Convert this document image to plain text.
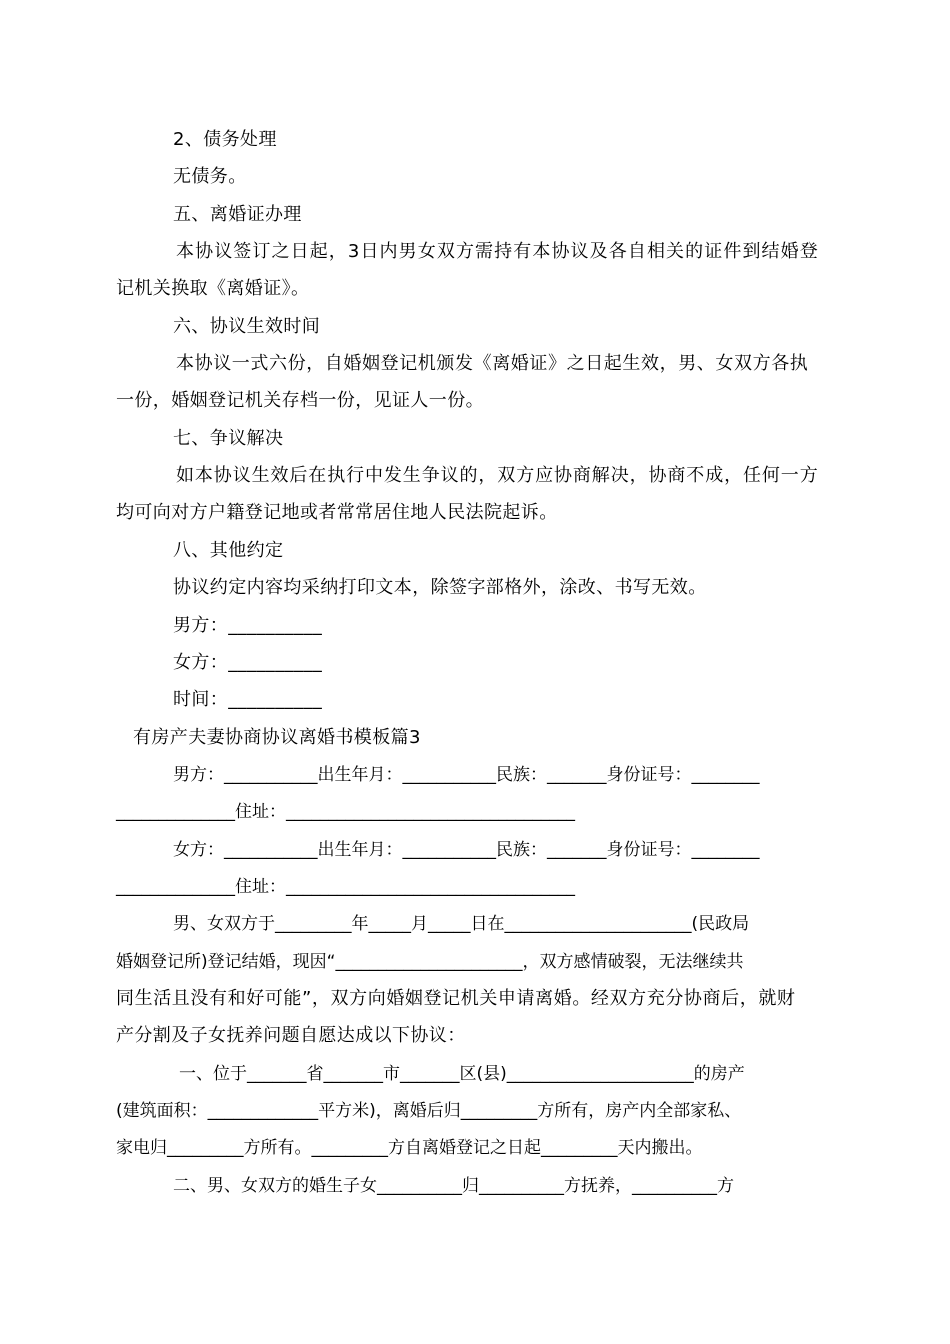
2、债务处理
无债务。
五、离婚证办理
本协议签订之日起，3日内男女双方需持有本协议及各自相关的证件到结婚登
记机关换取《离婚证》。
六、协议生效时间
本协议一式六份，自婚姻登记机颁发《离婚证》之日起生效，男、女双方各执
一份，婚姻登记机关存档一份，见证人一份。
七、争议解决
如本协议生效后在执行中发生争议的，双方应协商解决，协商不成，任何一方
均可向对方户籍登记地或者常常居住地人民法院起诉。
八、其他约定
协议约定内容均采纳打印文本，除签字部格外，涂改、书写无效。
男方：__________
女方：__________
时间：__________
有房产夫妻协商协议离婚书模板篇3
男方：___________出生年月：___________民族：_______身份证号：________
______________住址：__________________________________
女方：___________出生年月：___________民族：_______身份证号：________
______________住址：__________________________________
男、女双方于_________年_____月_____日在______________________(民政局
婚姻登记所)登记结婚，现因“______________________，双方感情破裂，无法继续共
同生活且没有和好可能”，双方向婚姻登记机关申请离婚。经双方充分协商后，就财
产分割及子女抚养问题自愿达成以下协议：
一、位于_______省_______市_______区(县)______________________的房产
(建筑面积：_____________平方米)，离婚后归_________方所有，房产内全部家私、
家电归_________方所有。_________方自离婚登记之日起_________天内搬出。
二、男、女双方的婚生子女__________归__________方抚养，__________方
